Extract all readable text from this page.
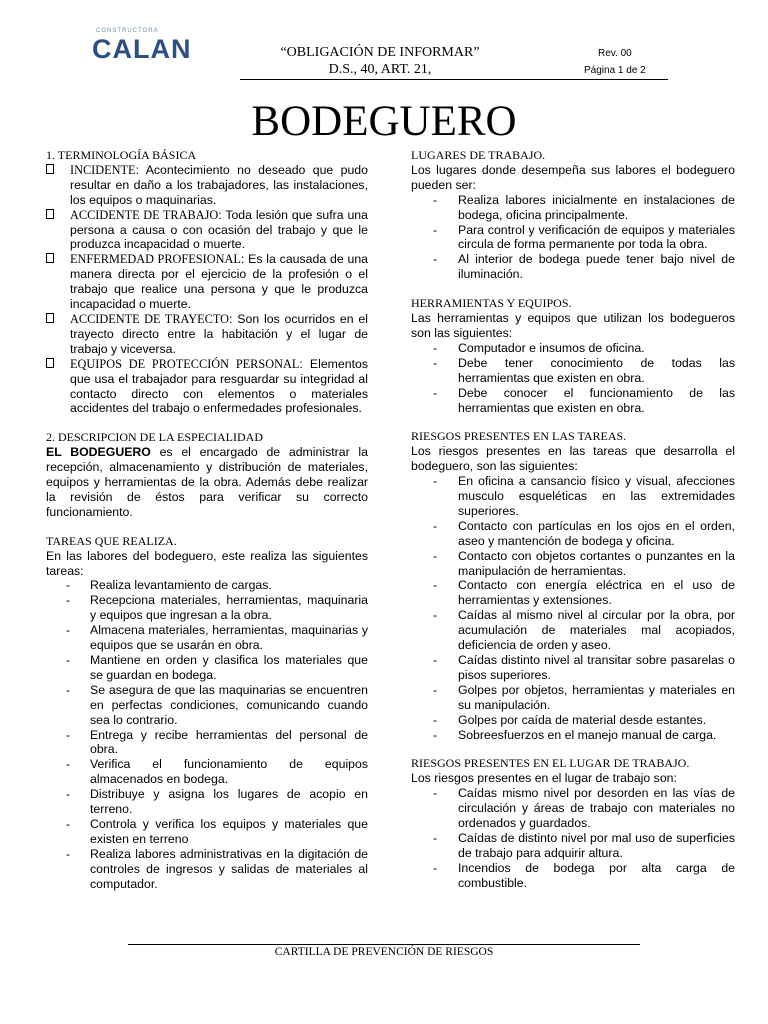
CONSTRUCTORA
CALAN	“OBLIGACIÓN DE INFORMAR”
D.S., 40, ART. 21,
Rev. 00
Página 1 de 2
BODEGUERO

1. TERMINOLOGÍA BÁSICA

INCIDENTE: Acontecimiento no deseado que pudo resultar en daño a los trabajadores, las instalaciones, los equipos o maquinarias.
ACCIDENTE DE TRABAJO: Toda lesión que sufra una persona a causa o con ocasión del trabajo y que le produzca incapacidad o muerte.
ENFERMEDAD PROFESIONAL: Es la causada de una manera directa por el ejercicio de la profesión o el trabajo que realice una persona y que le produzca incapacidad o muerte.
ACCIDENTE DE TRAYECTO: Son los ocurridos en el trayecto directo entre la habitación y el lugar de trabajo y viceversa.
EQUIPOS DE PROTECCIÓN PERSONAL: Elementos que usa el trabajador para resguardar su integridad al contacto directo con elementos o materiales accidentes del trabajo o enfermedades profesionales.

2. DESCRIPCION DE LA ESPECIALIDAD

EL BODEGUERO es el encargado de administrar la recepción, almacenamiento y distribución de materiales, equipos y herramientas de la obra. Además debe realizar la revisión de éstos para verificar su correcto funcionamiento.

TAREAS QUE REALIZA.

En las labores del bodeguero, este realiza las siguientes tareas:

- Realiza levantamiento de cargas.
- Recepciona materiales, herramientas, maquinaria y equipos que ingresan a la obra.
- Almacena materiales, herramientas, maquinarias y equipos que se usarán en obra.
- Mantiene en orden y clasifica los materiales que se guardan en bodega.
- Se asegura de que las maquinarias se encuentren en perfectas condiciones, comunicando cuando sea lo contrario.
- Entrega y recibe herramientas del personal de obra.
- Verifica el funcionamiento de equipos almacenados en bodega.
- Distribuye y asigna los lugares de acopio en terreno.
- Controla y verifica los equipos y materiales que existen en terreno
- Realiza labores administrativas en la digitación de controles de ingresos y salidas de materiales al computador.

LUGARES DE TRABAJO.

Los lugares donde desempeña sus labores el bodeguero pueden ser:

- Realiza labores inicialmente en instalaciones de bodega, oficina principalmente.
- Para control y verificación de equipos y materiales circula de forma permanente por toda la obra.
- Al interior de bodega puede tener bajo nivel de iluminación.

HERRAMIENTAS Y EQUIPOS.

Las herramientas y equipos que utilizan los bodegueros son las siguientes:

- Computador e insumos de oficina.
- Debe tener conocimiento de todas las herramientas que existen en obra.
- Debe conocer el funcionamiento de las herramientas que existen en obra.

RIESGOS PRESENTES EN LAS TAREAS.

Los riesgos presentes en las tareas que desarrolla el bodeguero, son las siguientes:

- En oficina a cansancio físico y visual, afecciones musculo esqueléticas en las extremidades superiores.
- Contacto con partículas en los ojos en el orden, aseo y mantención de bodega y oficina.
- Contacto con objetos cortantes o punzantes en la manipulación de herramientas.
- Contacto con energía eléctrica en el uso de herramientas y extensiones.
- Caídas al mismo nivel al circular por la obra, por acumulación de materiales mal acopiados, deficiencia de orden y aseo.
- Caídas distinto nivel al transitar sobre pasarelas o pisos superiores.
- Golpes por objetos, herramientas y materiales en su manipulación.
- Golpes por caída de material desde estantes.
- Sobreesfuerzos en el manejo manual de carga.

RIESGOS PRESENTES EN EL LUGAR DE TRABAJO.

Los riesgos presentes en el lugar de trabajo son:

- Caídas mismo nivel por desorden en las vías de circulación y áreas de trabajo con materiales no ordenados y guardados.
- Caídas de distinto nivel por mal uso de superficies de trabajo para adquirir altura.
- Incendios de bodega por alta carga de combustible.
CARTILLA DE PREVENCIÓN DE RIESGOS
